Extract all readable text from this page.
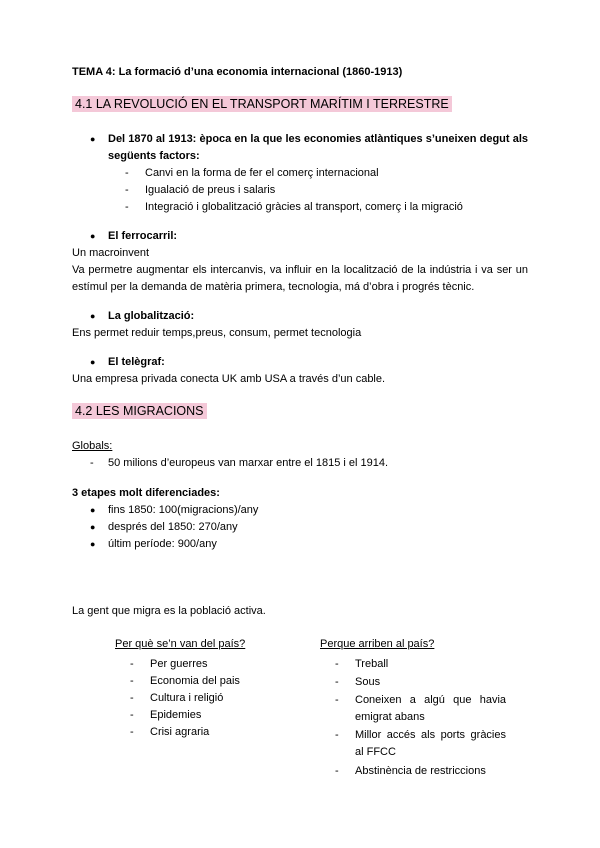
TEMA 4: La formació d’una economia internacional (1860-1913)
4.1 LA REVOLUCIÓ EN EL TRANSPORT MARÍTIM I TERRESTRE
●	Del 1870 al 1913: època en la que les economies atlàntiques s’uneixen degut als següents factors:
-	Canvi en la forma de fer el comerç internacional
-	Igualació de preus i salaris
-	Integració i globalització gràcies al transport, comerç i la migració
●	El ferrocarril:
Un macroinvent
Va permetre augmentar els intercanvis, va influir en la localització de la indústria i va ser un estímul per la demanda de matèria primera, tecnologia, má d’obra i progrés tècnic.
●	La globalització:
Ens permet reduir temps,preus, consum, permet tecnologia
●	El telègraf:
Una empresa privada conecta UK amb USA a través d’un cable.
4.2 LES MIGRACIONS
Globals:
-	50 milions d’europeus van marxar entre el 1815 i el 1914.
3 etapes molt diferenciades:
●	fins 1850: 100(migracions)/any
●	després del 1850: 270/any
●	últim període: 900/any
La gent que migra es la població activa.
Per què se’n van del país?
-	Per guerres
-	Economia del pais
-	Cultura i religió
-	Epidemies
-	Crisi agraria
Perque arriben al país?
-	Treball
-	Sous
-	Coneixen a algú que havia emigrat abans
-	Millor accés als ports gràcies al FFCC
-	Abstinència de restriccions
